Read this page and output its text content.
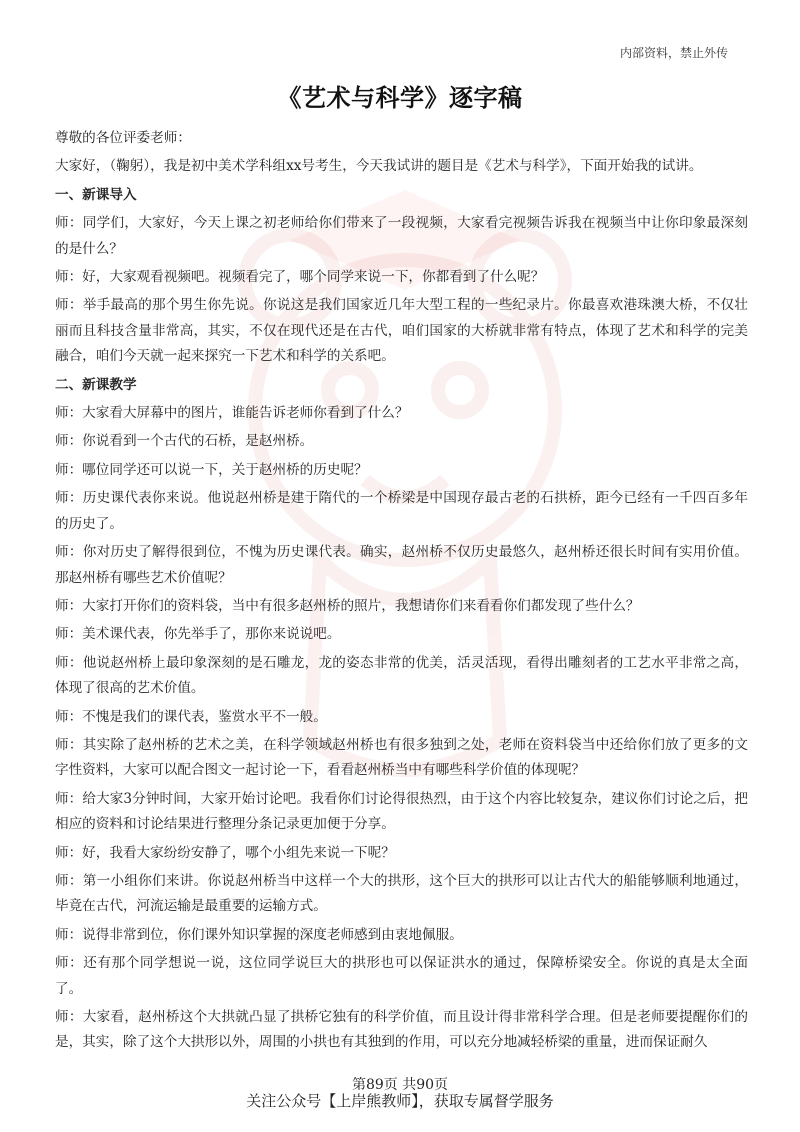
内部资料，禁止外传
《艺术与科学》逐字稿

尊敬的各位评委老师：

大家好，（鞠躬），我是初中美术学科组xx号考生，今天我试讲的题目是《艺术与科学》，下面开始我的试讲。

一、新课导入

师：同学们，大家好，今天上课之初老师给你们带来了一段视频，大家看完视频告诉我在视频当中让你印象最深刻的是什么？

师：好，大家观看视频吧。视频看完了，哪个同学来说一下，你都看到了什么呢？

师：举手最高的那个男生你先说。你说这是我们国家近几年大型工程的一些纪录片。你最喜欢港珠澳大桥，不仅壮丽而且科技含量非常高，其实，不仅在现代还是在古代，咱们国家的大桥就非常有特点，体现了艺术和科学的完美融合，咱们今天就一起来探究一下艺术和科学的关系吧。

二、新课教学

师：大家看大屏幕中的图片，谁能告诉老师你看到了什么？

师：你说看到一个古代的石桥，是赵州桥。

师：哪位同学还可以说一下，关于赵州桥的历史呢？

师：历史课代表你来说。他说赵州桥是建于隋代的一个桥梁是中国现存最古老的石拱桥，距今已经有一千四百多年的历史了。

师：你对历史了解得很到位，不愧为历史课代表。确实，赵州桥不仅历史最悠久，赵州桥还很长时间有实用价值。那赵州桥有哪些艺术价值呢？

师：大家打开你们的资料袋，当中有很多赵州桥的照片，我想请你们来看看你们都发现了些什么？

师：美术课代表，你先举手了，那你来说说吧。

师：他说赵州桥上最印象深刻的是石雕龙，龙的姿态非常的优美，活灵活现，看得出雕刻者的工艺水平非常之高，体现了很高的艺术价值。

师：不愧是我们的课代表，鉴赏水平不一般。

师：其实除了赵州桥的艺术之美，在科学领域赵州桥也有很多独到之处，老师在资料袋当中还给你们放了更多的文字性资料，大家可以配合图文一起讨论一下，看看赵州桥当中有哪些科学价值的体现呢？

师：给大家3分钟时间，大家开始讨论吧。我看你们讨论得很热烈，由于这个内容比较复杂，建议你们讨论之后，把相应的资料和讨论结果进行整理分条记录更加便于分享。

师：好，我看大家纷纷安静了，哪个小组先来说一下呢？

师：第一小组你们来讲。你说赵州桥当中这样一个大的拱形，这个巨大的拱形可以让古代大的船能够顺利地通过，毕竟在古代，河流运输是最重要的运输方式。

师：说得非常到位，你们课外知识掌握的深度老师感到由衷地佩服。

师：还有那个同学想说一说，这位同学说巨大的拱形也可以保证洪水的通过，保障桥梁安全。你说的真是太全面了。

师：大家看，赵州桥这个大拱就凸显了拱桥它独有的科学价值，而且设计得非常科学合理。但是老师要提醒你们的是，其实，除了这个大拱形以外，周围的小拱也有其独到的作用，可以充分地减轻桥梁的重量，进而保证耐久

第89页 共90页
关注公众号【上岸熊教师】，获取专属督学服务
